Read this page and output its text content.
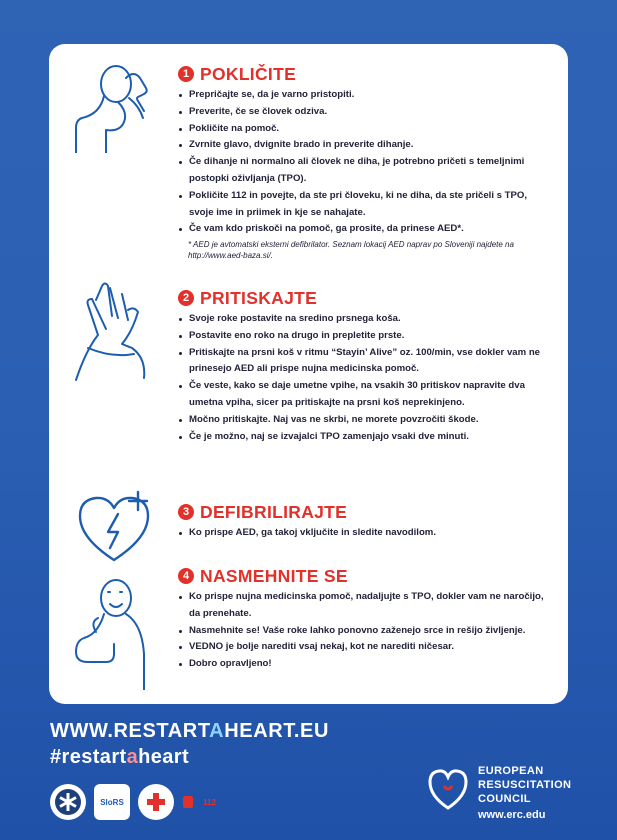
1 POKLIČITE
Prepričajte se, da je varno pristopiti.
Preverite, če se človek odziva.
Pokličite na pomoč.
Zvrnite glavo, dvignite brado in preverite dihanje.
Če dihanje ni normalno ali človek ne diha, je potrebno pričeti s temeljnimi postopki oživljanja (TPO).
Pokličite 112 in povejte, da ste pri človeku, ki ne diha, da ste pričeli s TPO, svoje ime in priimek in kje se nahajate.
Če vam kdo priskoči na pomoč, ga prosite, da prinese AED*.
* AED je avtomatski eksterni defibrilator. Seznam lokacij AED naprav po Sloveniji najdete na http://www.aed-baza.si/.
2 PRITISKAJTE
Svoje roke postavite na sredino prsnega koša.
Postavite eno roko na drugo in prepletite prste.
Pritiskajte na prsni koš v ritmu “Stayin’ Alive” oz. 100/min, vse dokler vam ne prinesejo AED ali prispe nujna medicinska pomoč.
Če veste, kako se daje umetne vpihe, na vsakih 30 pritiskov napravite dva umetna vpiha, sicer pa pritiskajte na prsni koš neprekinjeno.
Močno pritiskajte. Naj vas ne skrbi, ne morete povzročiti škode.
Če je možno, naj se izvajalci TPO zamenjajo vsaki dve minuti.
3 DEFIBRILIRAJTE
Ko prispe AED, ga takoj vključite in sledite navodilom.
4 NASMEHNITE SE
Ko prispe nujna medicinska pomoč, nadaljujte s TPO, dokler vam ne naročijo, da prenehate.
Nasmehnite se! Vaše roke lahko ponovno zaženejo srce in rešijo življenje.
VEDNO je bolje narediti vsaj nekaj, kot ne narediti ničesar.
Dobro opravljeno!
WWW.RESTARTAHEART.EU
#restartaheart
SloRS	112
EUROPEAN
RESUSCITATION
COUNCIL
www.erc.edu
